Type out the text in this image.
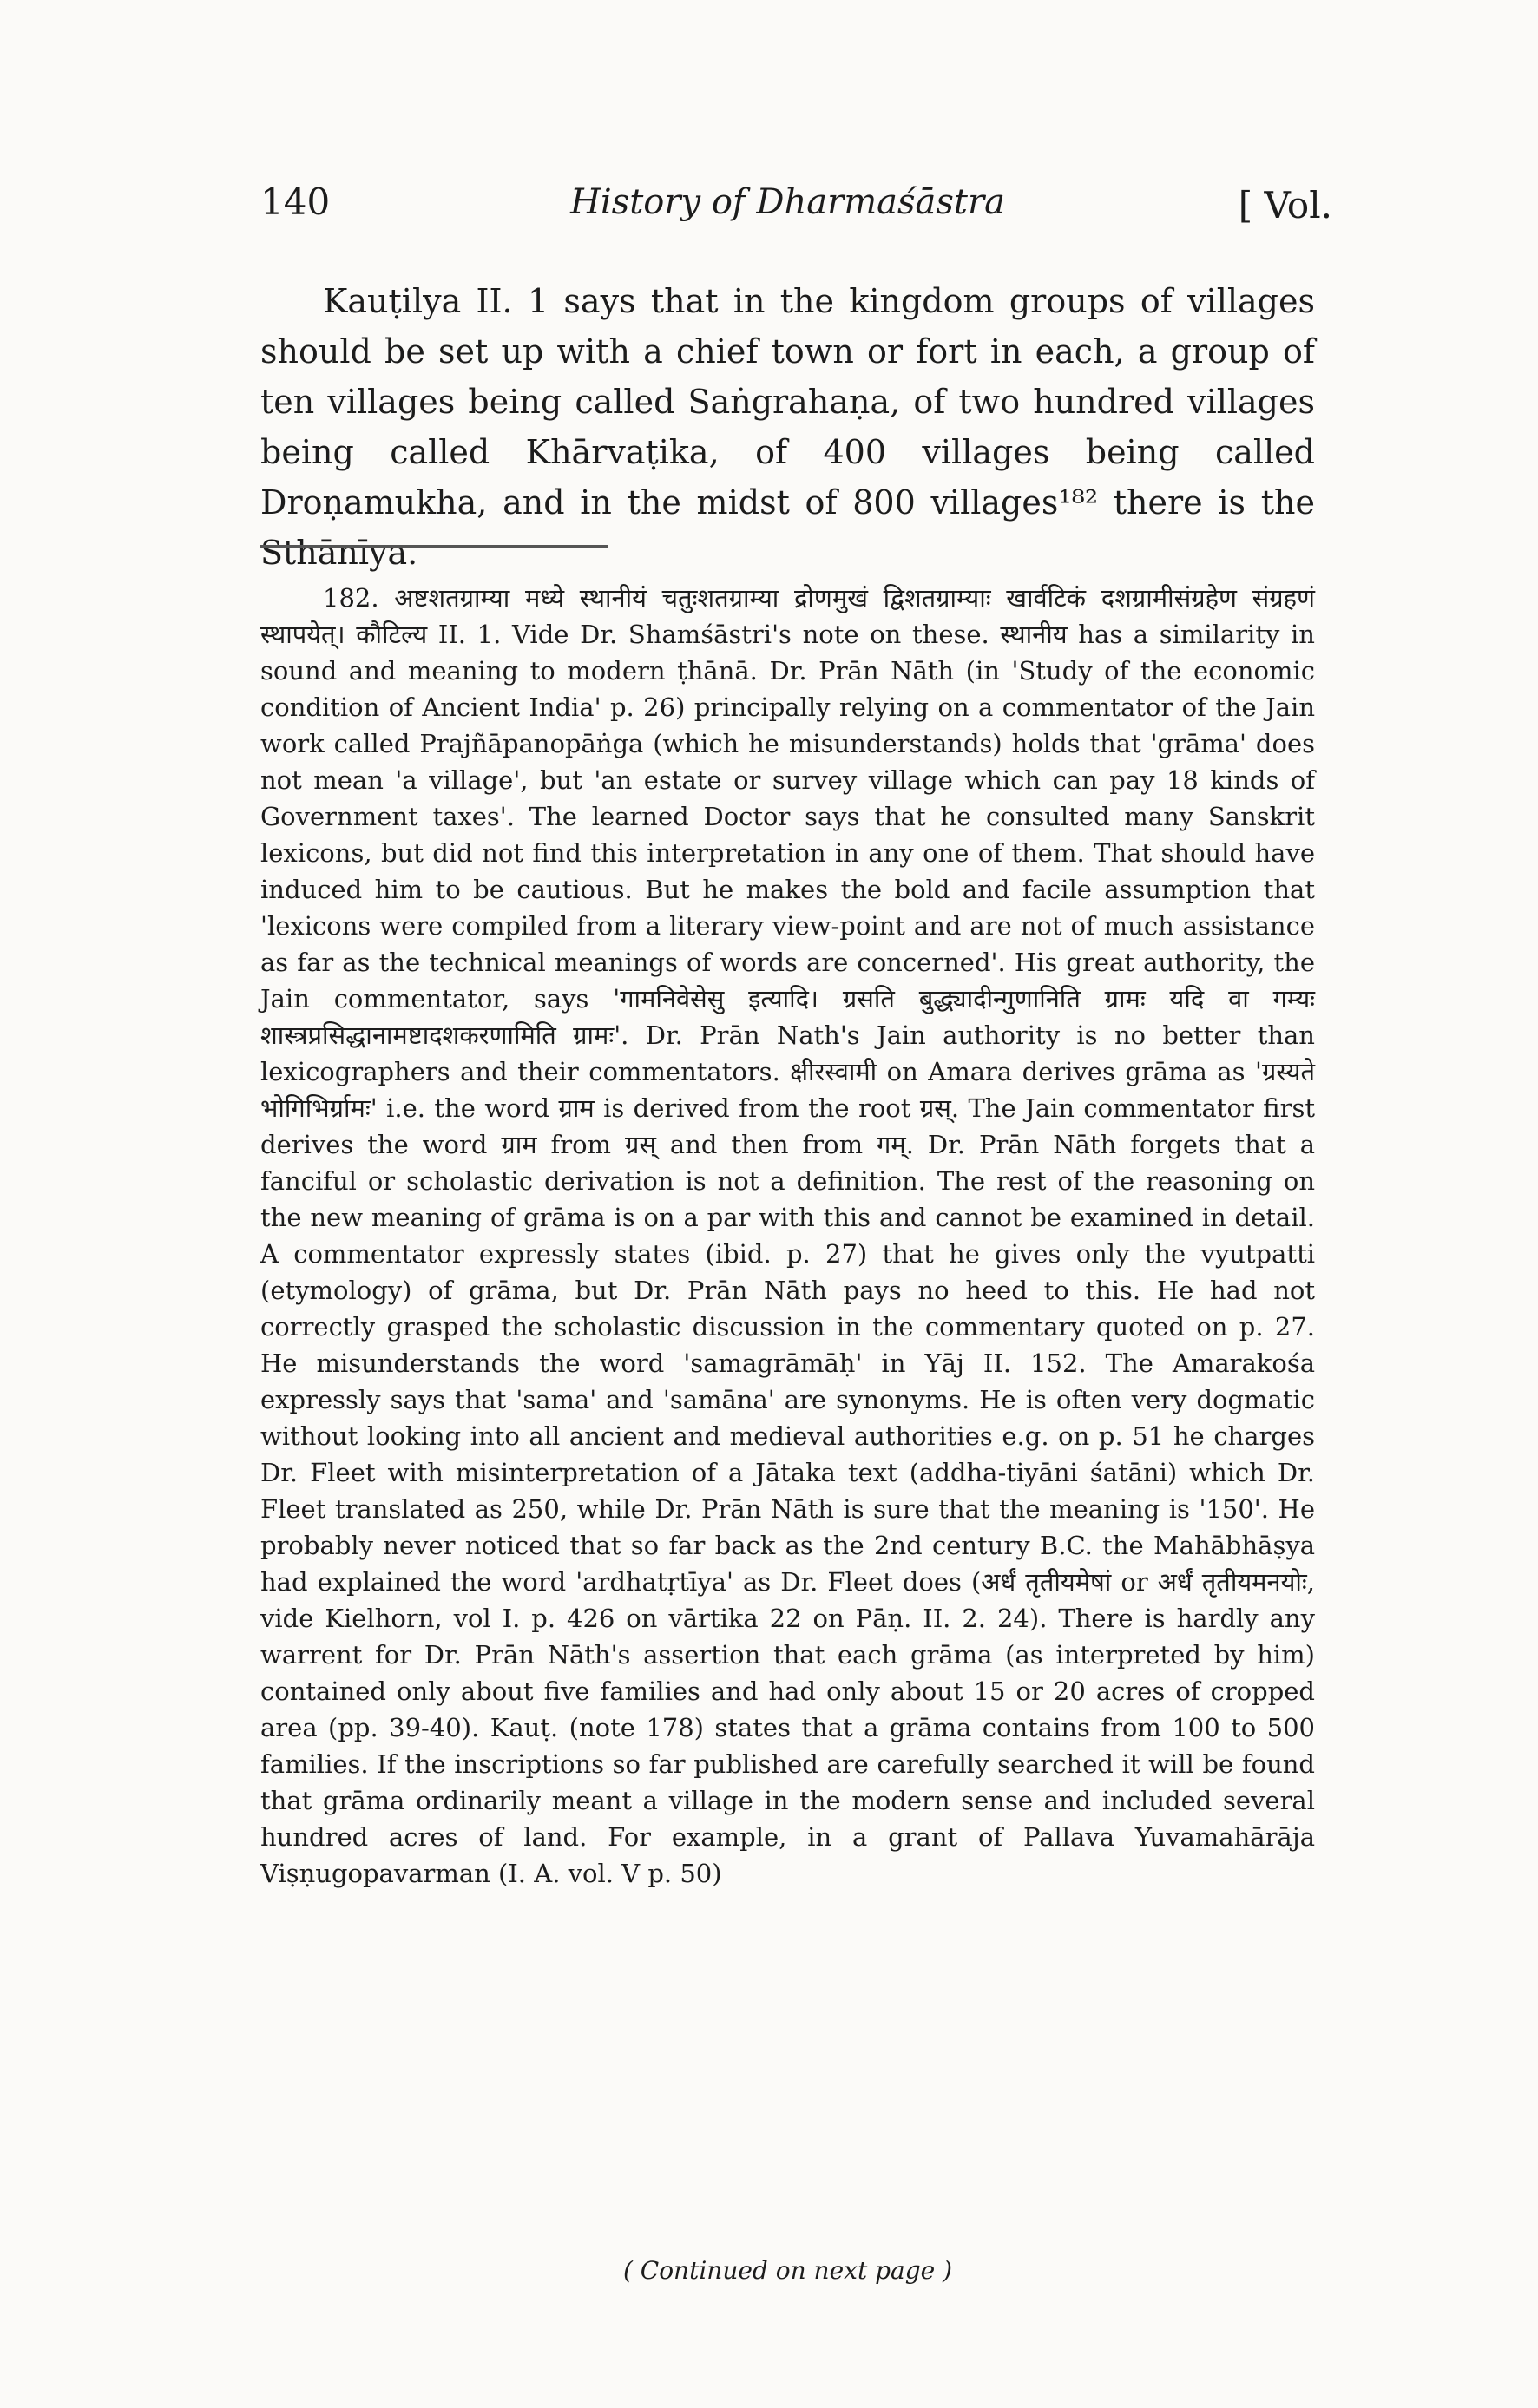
140	History of Dharmaśāstra	[ Vol.

Kauṭilya II. 1 says that in the kingdom groups of villages should be set up with a chief town or fort in each, a group of ten villages being called Saṅgrahaṇa, of two hundred villages being called Khārvaṭika, of 400 villages being called Droṇamukha, and in the midst of 800 villages¹⁸² there is the Sthānīya.

182. अष्टशतग्राम्या मध्ये स्थानीयं चतुःशतग्राम्या द्रोणमुखं द्विशतग्राम्याः खार्वटिकं दशग्रामीसंग्रहेण संग्रहणं स्थापयेत्। कौटिल्य II. 1. Vide Dr. Shamśāstri's note on these. स्थानीय has a similarity in sound and meaning to modern ṭhānā. Dr. Prān Nāth (in 'Study of the economic condition of Ancient India' p. 26) principally relying on a commentator of the Jain work called Prajñāpanopāṅga (which he misunderstands) holds that 'grāma' does not mean 'a village', but 'an estate or survey village which can pay 18 kinds of Government taxes'. The learned Doctor says that he consulted many Sanskrit lexicons, but did not find this interpretation in any one of them. That should have induced him to be cautious. But he makes the bold and facile assumption that 'lexicons were compiled from a literary view-point and are not of much assistance as far as the technical meanings of words are concerned'. His great authority, the Jain commentator, says 'गामनिवेसेसु इत्यादि। ग्रसति बुद्ध्यादीन्गुणानिति ग्रामः यदि वा गम्यः शास्त्रप्रसिद्धानामष्टादशकरणामिति ग्रामः'. Dr. Prān Nath's Jain authority is no better than lexicographers and their commentators. क्षीरस्वामी on Amara derives grāma as 'ग्रस्यते भोगिभिर्ग्रामः' i.e. the word ग्राम is derived from the root ग्रस्. The Jain commentator first derives the word ग्राम from ग्रस् and then from गम्. Dr. Prān Nāth forgets that a fanciful or scholastic derivation is not a definition. The rest of the reasoning on the new meaning of grāma is on a par with this and cannot be examined in detail. A commentator expressly states (ibid. p. 27) that he gives only the vyutpatti (etymology) of grāma, but Dr. Prān Nāth pays no heed to this. He had not correctly grasped the scholastic discussion in the commentary quoted on p. 27. He misunderstands the word 'samagrāmāḥ' in Yāj II. 152. The Amarakośa expressly says that 'sama' and 'samāna' are synonyms. He is often very dogmatic without looking into all ancient and medieval authorities e.g. on p. 51 he charges Dr. Fleet with misinterpretation of a Jātaka text (addha-tiyāni śatāni) which Dr. Fleet translated as 250, while Dr. Prān Nāth is sure that the meaning is '150'. He probably never noticed that so far back as the 2nd century B.C. the Mahābhāṣya had explained the word 'ardhatṛtīya' as Dr. Fleet does (अर्धं तृतीयमेषां or अर्धं तृतीयमनयोः, vide Kielhorn, vol I. p. 426 on vārtika 22 on Pāṇ. II. 2. 24). There is hardly any warrent for Dr. Prān Nāth's assertion that each grāma (as interpreted by him) contained only about five families and had only about 15 or 20 acres of cropped area (pp. 39-40). Kauṭ. (note 178) states that a grāma contains from 100 to 500 families. If the inscriptions so far published are carefully searched it will be found that grāma ordinarily meant a village in the modern sense and included several hundred acres of land. For example, in a grant of Pallava Yuvamahārāja Viṣṇugopavarman (I. A. vol. V p. 50)

( Continued on next page )
